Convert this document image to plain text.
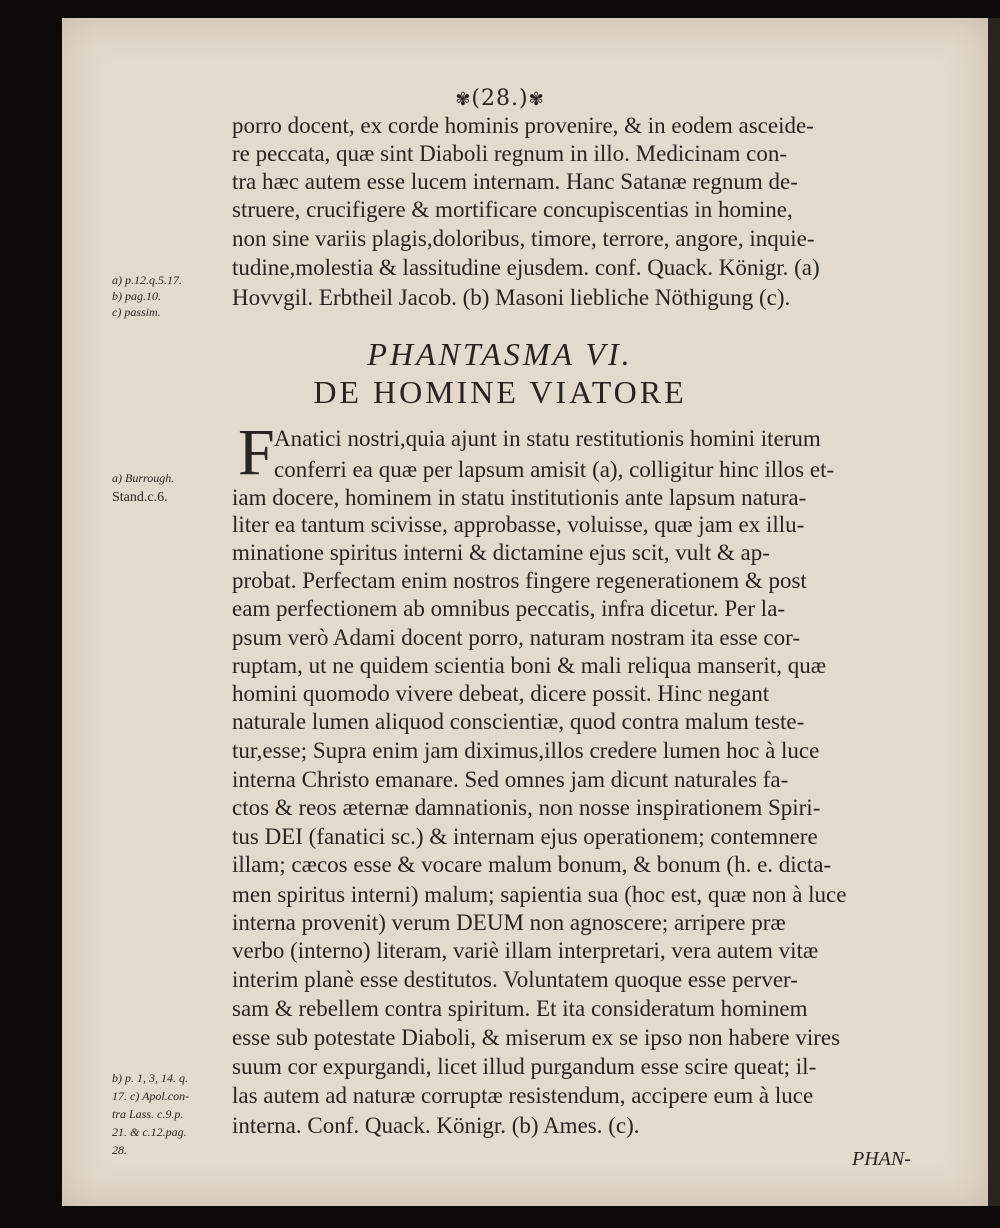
✾(28.)✾
porro docent, ex corde hominis provenire, & in eodem asceide-
re peccata, quæ sint Diaboli regnum in illo. Medicinam con-
tra hæc autem esse lucem internam. Hanc Satanæ regnum de-
struere, crucifigere & mortificare concupiscentias in homine,
non sine variis plagis,doloribus, timore, terrore, angore, inquie-
tudine,molestia & lassitudine ejusdem. conf. Quack. Königr. (a)
Hovvgil. Erbtheil Jacob. (b) Masoni liebliche Nöthigung (c).
a) p.12.q.5.17.
b) pag.10.
c) passim.
PHANTASMA VI.
DE HOMINE VIATORE
F Anatici nostri,quia ajunt in statu restitutionis homini iterum
conferri ea quæ per lapsum amisit (a), colligitur hinc illos et-
iam docere, hominem in statu institutionis ante lapsum natura-
liter ea tantum scivisse, approbasse, voluisse, quæ jam ex illu-
minatione spiritus interni & dictamine ejus scit, vult & ap-
probat. Perfectam enim nostros fingere regenerationem & post
eam perfectionem ab omnibus peccatis, infra dicetur. Per la-
psum verò Adami docent porro, naturam nostram ita esse cor-
ruptam, ut ne quidem scientia boni & mali reliqua manserit, quæ
homini quomodo vivere debeat, dicere possit. Hinc negant
naturale lumen aliquod conscientiæ, quod contra malum teste-
tur,esse; Supra enim jam diximus,illos credere lumen hoc à luce
interna Christo emanare. Sed omnes jam dicunt naturales fa-
ctos & reos æternæ damnationis, non nosse inspirationem Spiri-
tus DEI (fanatici sc.) & internam ejus operationem; contemnere
illam; cæcos esse & vocare malum bonum, & bonum (h. e. dicta-
men spiritus interni) malum; sapientia sua (hoc est, quæ non à luce
interna provenit) verum DEUM non agnoscere; arripere præ
verbo (interno) literam, variè illam interpretari, vera autem vitæ
interim planè esse destitutos. Voluntatem quoque esse perver-
sam & rebellem contra spiritum. Et ita consideratum hominem
esse sub potestate Diaboli, & miserum ex se ipso non habere vires
suum cor expurgandi, licet illud purgandum esse scire queat; il-
las autem ad naturæ corruptæ resistendum, accipere eum à luce
interna. Conf. Quack. Königr. (b) Ames. (c).
a) Burrough.
Stand.c.6.
b) p. 1, 3, 14. q.
17. c) Apol.con-
tra Lass. c.9.p.
21. & c.12.pag.
28.	PHAN-
